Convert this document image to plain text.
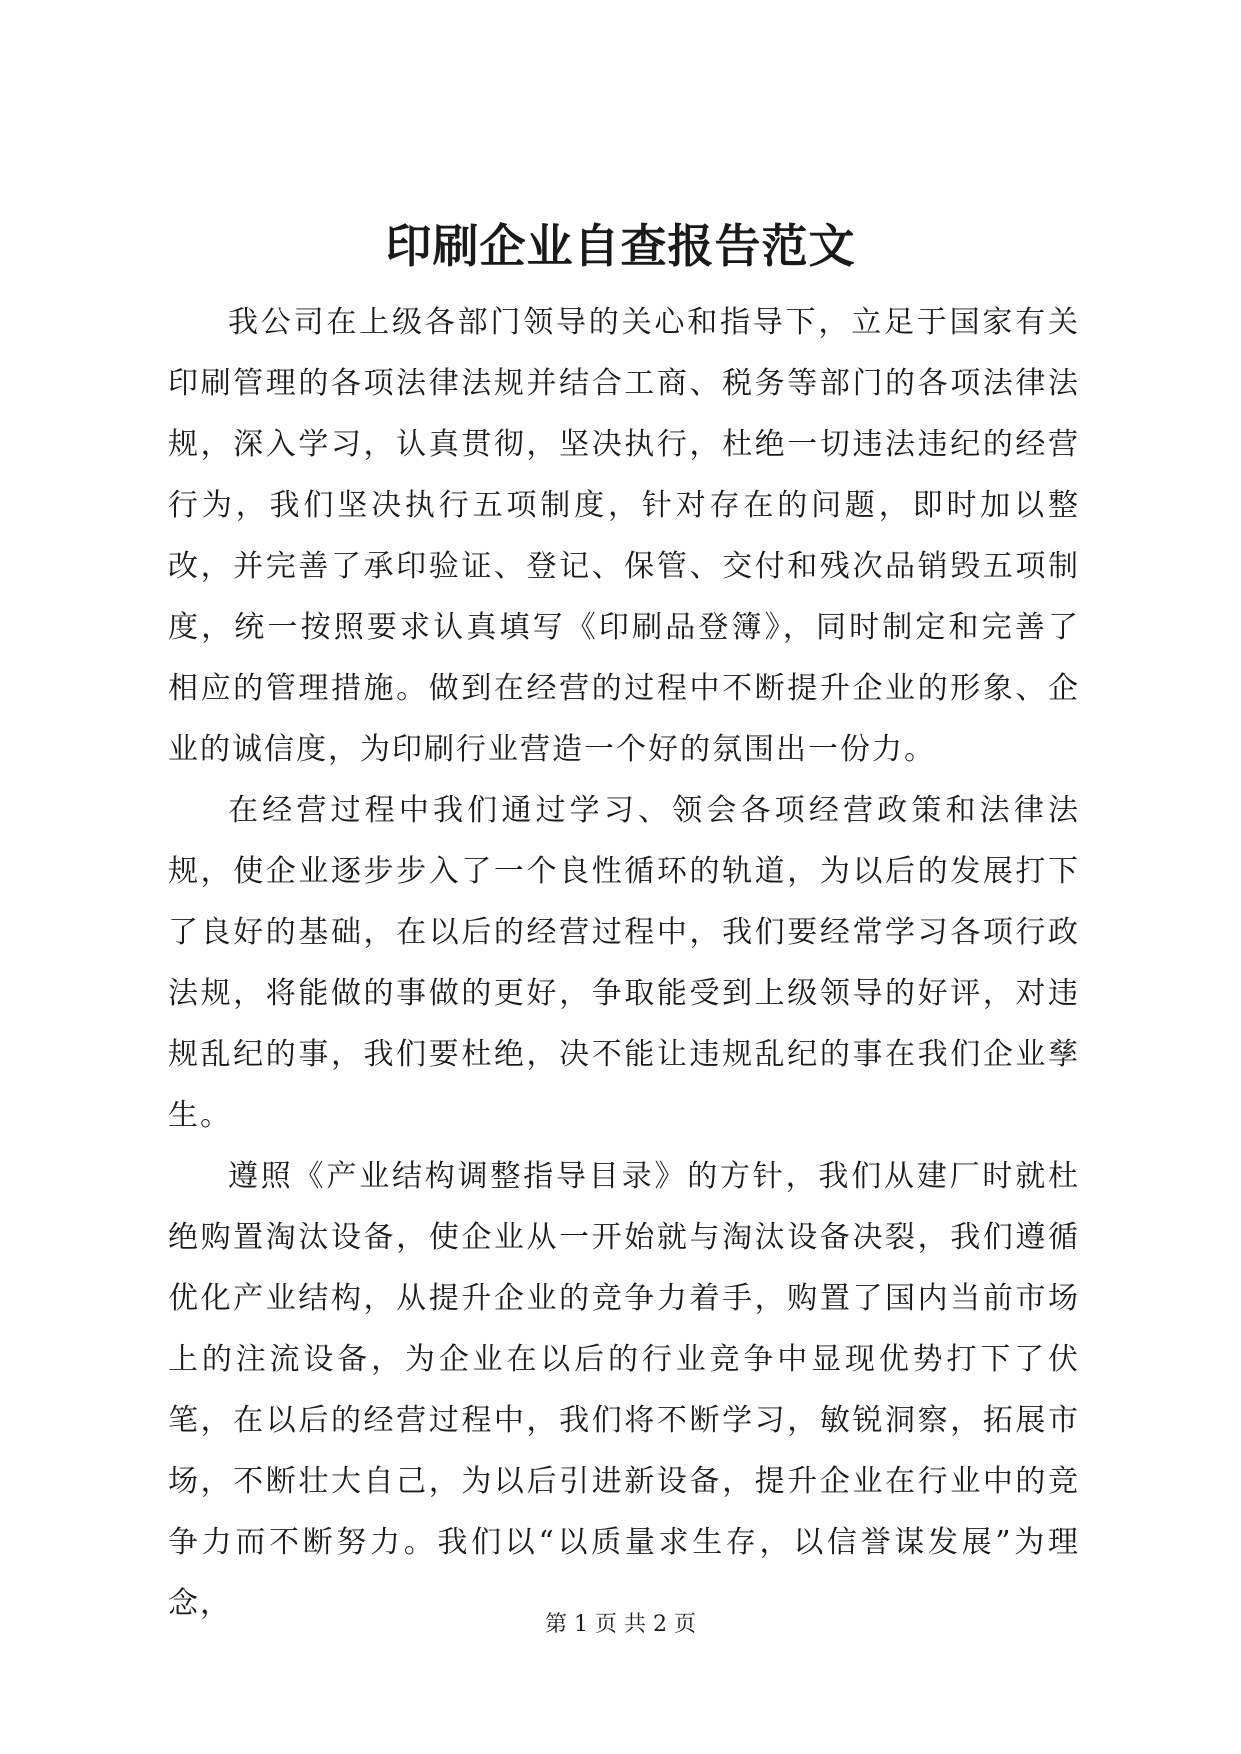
印刷企业自查报告范文

我公司在上级各部门领导的关心和指导下，立足于国家有关印刷管理的各项法律法规并结合工商、税务等部门的各项法律法规，深入学习，认真贯彻，坚决执行，杜绝一切违法违纪的经营行为，我们坚决执行五项制度，针对存在的问题，即时加以整改，并完善了承印验证、登记、保管、交付和残次品销毁五项制度，统一按照要求认真填写《印刷品登簿》，同时制定和完善了相应的管理措施。做到在经营的过程中不断提升企业的形象、企业的诚信度，为印刷行业营造一个好的氛围出一份力。

在经营过程中我们通过学习、领会各项经营政策和法律法规，使企业逐步步入了一个良性循环的轨道，为以后的发展打下了良好的基础，在以后的经营过程中，我们要经常学习各项行政法规，将能做的事做的更好，争取能受到上级领导的好评，对违规乱纪的事，我们要杜绝，决不能让违规乱纪的事在我们企业孳生。

遵照《产业结构调整指导目录》的方针，我们从建厂时就杜绝购置淘汰设备，使企业从一开始就与淘汰设备决裂，我们遵循优化产业结构，从提升企业的竞争力着手，购置了国内当前市场上的注流设备，为企业在以后的行业竞争中显现优势打下了伏笔，在以后的经营过程中，我们将不断学习，敏锐洞察，拓展市场，不断壮大自己，为以后引进新设备，提升企业在行业中的竞争力而不断努力。我们以“以质量求生存，以信誉谋发展”为理念，

第 1 页 共 2 页
